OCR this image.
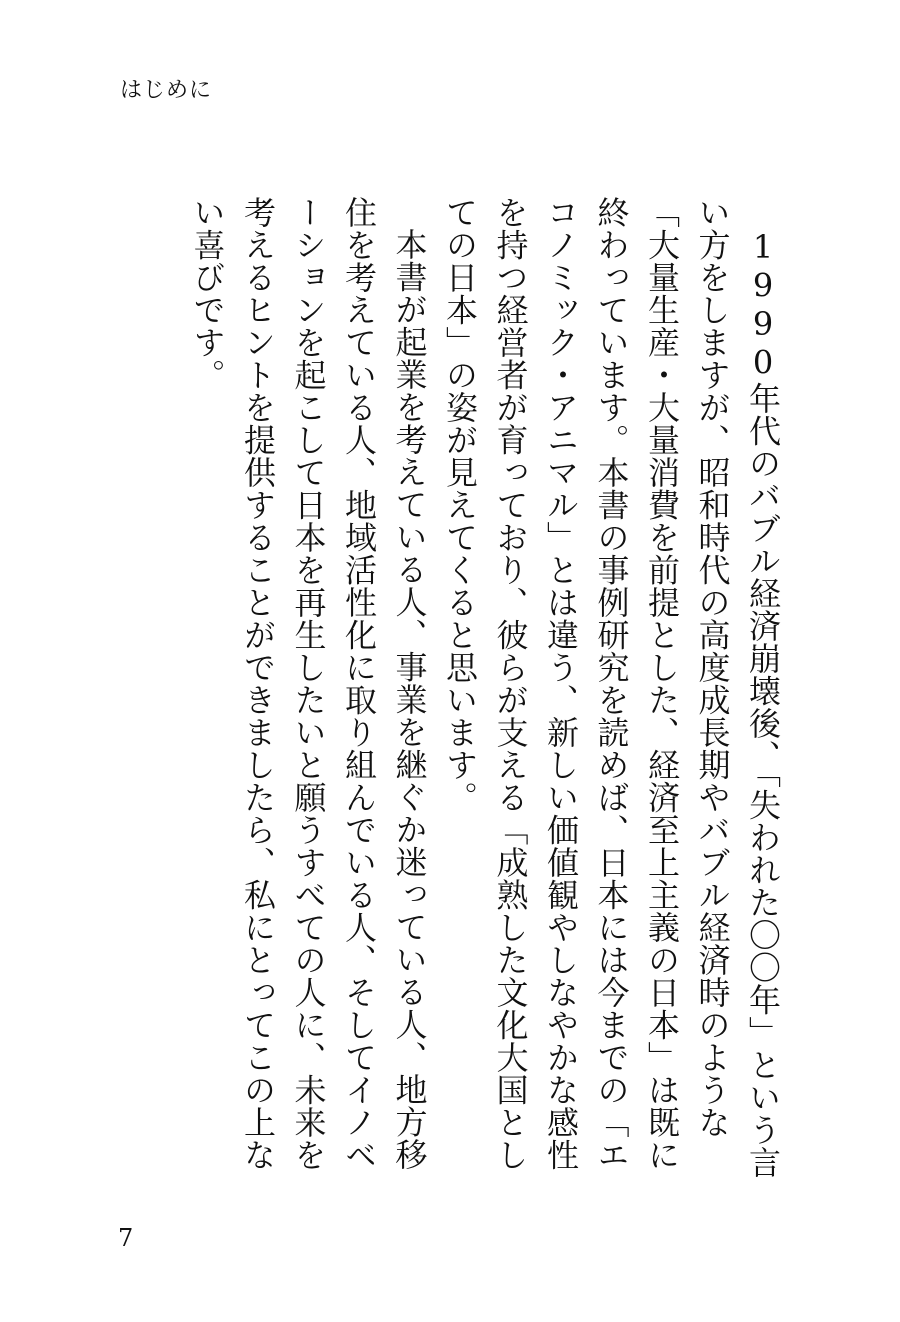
はじめに

1990年代のバブル経済崩壊後、「失われた〇〇年」という言い方をしますが、昭和時代の高度成長期やバブル経済時のような「大量生産・大量消費を前提とした、経済至上主義の日本」は既に終わっています。本書の事例研究を読めば、日本には今までの「エコノミック・アニマル」とは違う、新しい価値観やしなやかな感性を持つ経営者が育っており、彼らが支える「成熟した文化大国としての日本」の姿が見えてくると思います。

本書が起業を考えている人、事業を継ぐか迷っている人、地方移住を考えている人、地域活性化に取り組んでいる人、そしてイノベーションを起こして日本を再生したいと願うすべての人に、未来を考えるヒントを提供することができましたら、私にとってこの上ない喜びです。

7
